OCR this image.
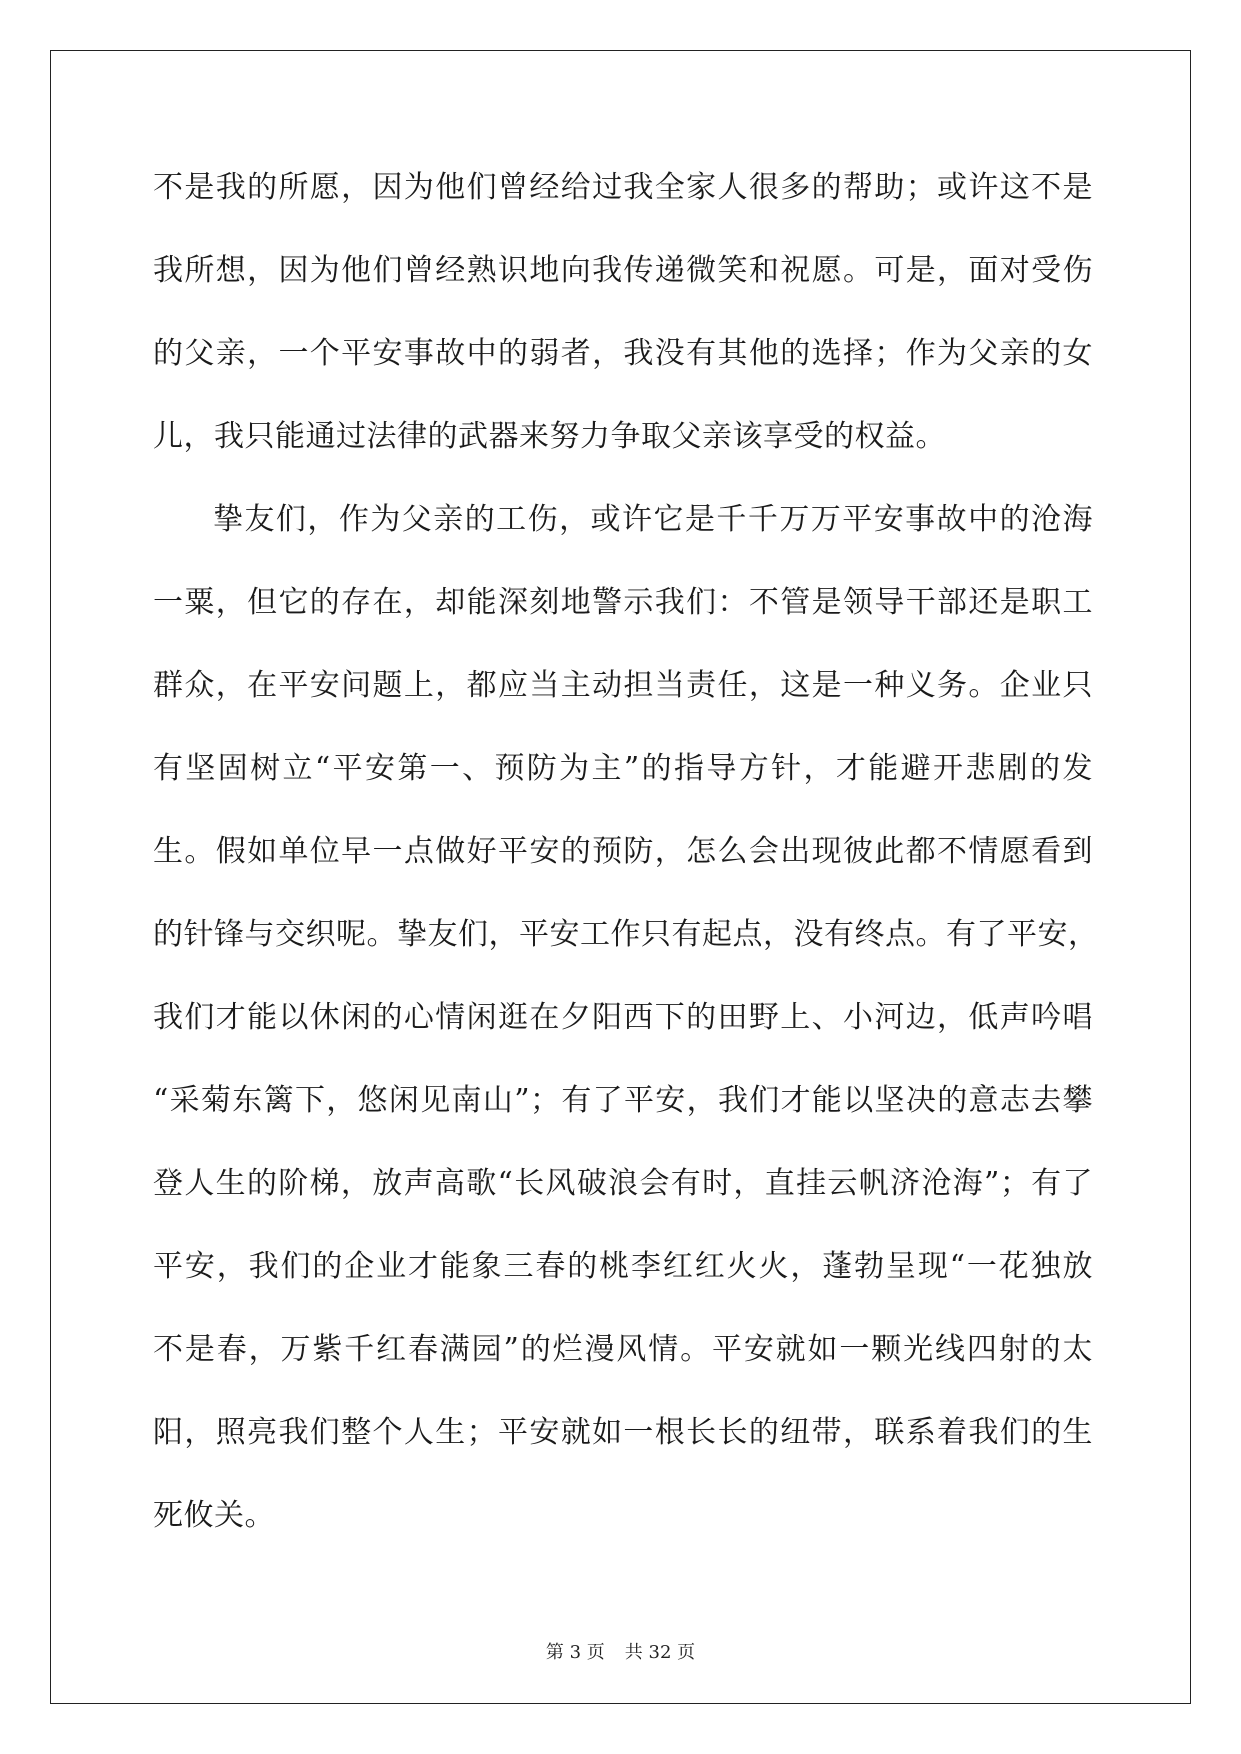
不是我的所愿，因为他们曾经给过我全家人很多的帮助；或许这不是
我所想，因为他们曾经熟识地向我传递微笑和祝愿。可是，面对受伤
的父亲，一个平安事故中的弱者，我没有其他的选择；作为父亲的女
儿，我只能通过法律的武器来努力争取父亲该享受的权益。
挚友们，作为父亲的工伤，或许它是千千万万平安事故中的沧海
一粟，但它的存在，却能深刻地警示我们：不管是领导干部还是职工
群众，在平安问题上，都应当主动担当责任，这是一种义务。企业只
有坚固树立“平安第一、预防为主”的指导方针，才能避开悲剧的发
生。假如单位早一点做好平安的预防，怎么会出现彼此都不情愿看到
的针锋与交织呢。挚友们，平安工作只有起点，没有终点。有了平安，
我们才能以休闲的心情闲逛在夕阳西下的田野上、小河边，低声吟唱
“采菊东篱下，悠闲见南山”；有了平安，我们才能以坚决的意志去攀
登人生的阶梯，放声高歌“长风破浪会有时，直挂云帆济沧海”；有了
平安，我们的企业才能象三春的桃李红红火火，蓬勃呈现“一花独放
不是春，万紫千红春满园”的烂漫风情。平安就如一颗光线四射的太
阳，照亮我们整个人生；平安就如一根长长的纽带，联系着我们的生
死攸关。
第 3 页 共 32 页
